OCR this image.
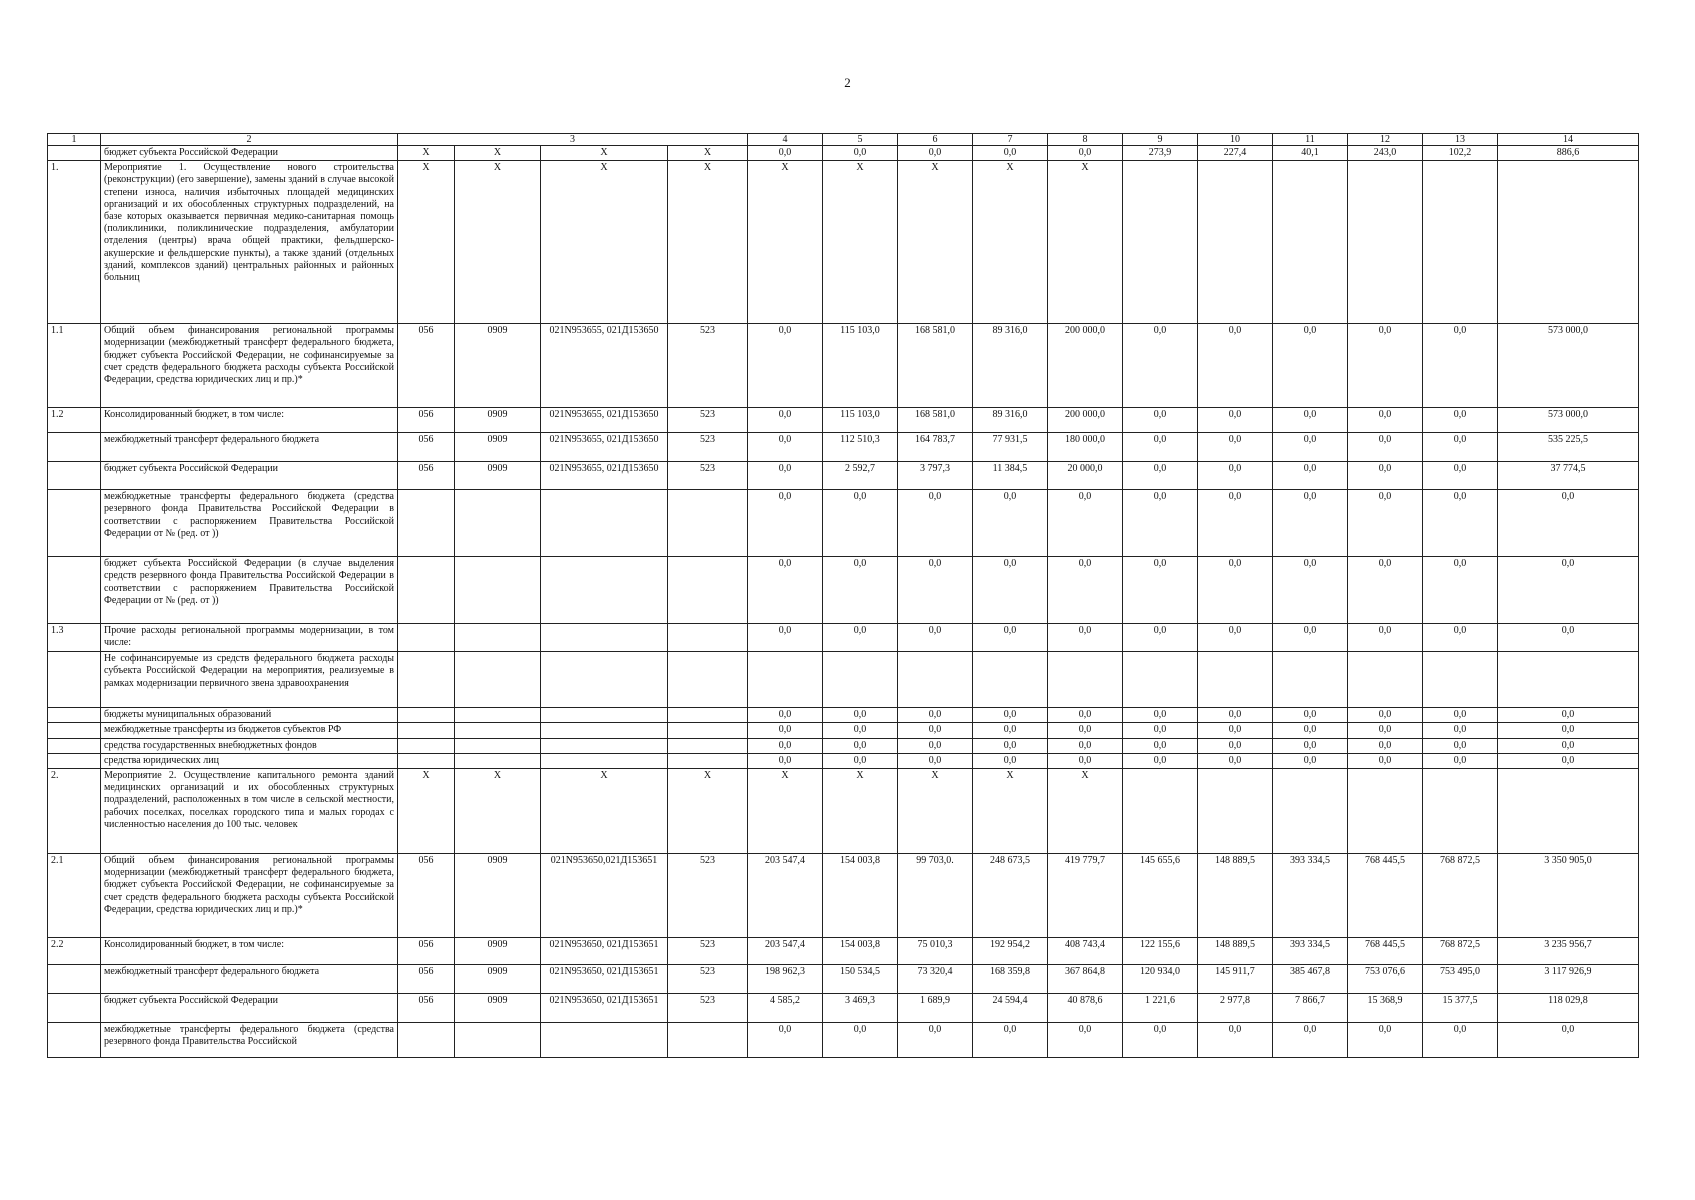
2
1	2	3				4	5	6	7	8	9	10	11	12	13	14
	бюджет субъекта Российской Федерации	X	X	X	X	0,0	0,0	0,0	0,0	0,0	273,9	227,4	40,1	243,0	102,2	886,6
1.	Мероприятие 1. Осуществление нового строительства (реконструкции) (его завершение), замены зданий в случае высокой степени износа, наличия избыточных площадей медицинских организаций и их обособленных структурных подразделений, на базе которых оказывается первичная медико-санитарная помощь (поликлиники, поликлинические подразделения, амбулатории отделения (центры) врача общей практики, фельдшерско-акушерские и фельдшерские пункты), а также зданий (отдельных зданий, комплексов зданий) центральных районных и районных больниц	X	X	X	X	X	X	X	X	X						
1.1	Общий объем финансирования региональной программы модернизации (межбюджетный трансферт федерального бюджета, бюджет субъекта Российской Федерации, не софинансируемые за счет средств федерального бюджета расходы субъекта Российской Федерации, средства юридических лиц и пр.)*	056	0909	021N953655, 021Д153650	523	0,0	115 103,0	168 581,0	89 316,0	200 000,0	0,0	0,0	0,0	0,0	0,0	573 000,0
1.2	Консолидированный бюджет, в том числе:	056	0909	021N953655, 021Д153650	523	0,0	115 103,0	168 581,0	89 316,0	200 000,0	0,0	0,0	0,0	0,0	0,0	573 000,0
	межбюджетный трансферт федерального бюджета	056	0909	021N953655, 021Д153650	523	0,0	112 510,3	164 783,7	77 931,5	180 000,0	0,0	0,0	0,0	0,0	0,0	535 225,5
	бюджет субъекта Российской Федерации	056	0909	021N953655, 021Д153650	523	0,0	2 592,7	3 797,3	11 384,5	20 000,0	0,0	0,0	0,0	0,0	0,0	37 774,5
	межбюджетные трансферты федерального бюджета (средства резервного фонда Правительства Российской Федерации в соответствии с распоряжением Правительства Российской Федерации от № (ред. от ))					0,0	0,0	0,0	0,0	0,0	0,0	0,0	0,0	0,0	0,0	0,0
	бюджет субъекта Российской Федерации (в случае выделения средств резервного фонда Правительства Российской Федерации в соответствии с распоряжением Правительства Российской Федерации от № (ред. от ))					0,0	0,0	0,0	0,0	0,0	0,0	0,0	0,0	0,0	0,0	0,0
1.3	Прочие расходы региональной программы модернизации, в том числе:					0,0	0,0	0,0	0,0	0,0	0,0	0,0	0,0	0,0	0,0	0,0
	Не софинансируемые из средств федерального бюджета расходы субъекта Российской Федерации на мероприятия, реализуемые в рамках модернизации первичного звена здравоохранения															
	бюджеты муниципальных образований					0,0	0,0	0,0	0,0	0,0	0,0	0,0	0,0	0,0	0,0	0,0
	межбюджетные трансферты из бюджетов субъектов РФ					0,0	0,0	0,0	0,0	0,0	0,0	0,0	0,0	0,0	0,0	0,0
	средства государственных внебюджетных фондов					0,0	0,0	0,0	0,0	0,0	0,0	0,0	0,0	0,0	0,0	0,0
	средства юридических лиц					0,0	0,0	0,0	0,0	0,0	0,0	0,0	0,0	0,0	0,0	0,0
2.	Мероприятие 2. Осуществление капитального ремонта зданий медицинских организаций и их обособленных структурных подразделений, расположенных в том числе в сельской местности, рабочих поселках, поселках городского типа и малых городах с численностью населения до 100 тыс. человек	X	X	X	X	X	X	X	X	X						
2.1	Общий объем финансирования региональной программы модернизации (межбюджетный трансферт федерального бюджета, бюджет субъекта Российской Федерации, не софинансируемые за счет средств федерального бюджета расходы субъекта Российской Федерации, средства юридических лиц и пр.)*	056	0909	021N953650,021Д153651	523	203 547,4	154 003,8	99 703,0.	248 673,5	419 779,7	145 655,6	148 889,5	393 334,5	768 445,5	768 872,5	3 350 905,0
2.2	Консолидированный бюджет, в том числе:	056	0909	021N953650, 021Д153651	523	203 547,4	154 003,8	75 010,3	192 954,2	408 743,4	122 155,6	148 889,5	393 334,5	768 445,5	768 872,5	3 235 956,7
	межбюджетный трансферт федерального бюджета	056	0909	021N953650, 021Д153651	523	198 962,3	150 534,5	73 320,4	168 359,8	367 864,8	120 934,0	145 911,7	385 467,8	753 076,6	753 495,0	3 117 926,9
	бюджет субъекта Российской Федерации	056	0909	021N953650, 021Д153651	523	4 585,2	3 469,3	1 689,9	24 594,4	40 878,6	1 221,6	2 977,8	7 866,7	15 368,9	15 377,5	118 029,8
	межбюджетные трансферты федерального бюджета (средства резервного фонда Правительства Российской					0,0	0,0	0,0	0,0	0,0	0,0	0,0	0,0	0,0	0,0	0,0
